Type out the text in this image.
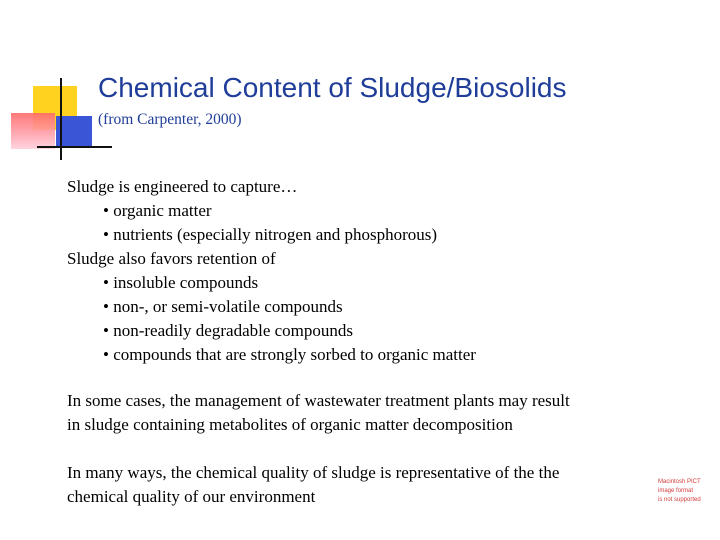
Chemical Content of Sludge/Biosolids
(from Carpenter, 2000)
Sludge is engineered to capture…
• organic matter
• nutrients (especially nitrogen and phosphorous)
Sludge also favors retention of
• insoluble compounds
• non-, or semi-volatile compounds
• non-readily degradable compounds
• compounds that are strongly sorbed to organic matter
In some cases, the management of wastewater treatment plants may result
in sludge containing metabolites of organic matter decomposition
In many ways, the chemical quality of sludge is representative of the the
chemical quality of our environment
Macintosh PICT
image format
is not supported
